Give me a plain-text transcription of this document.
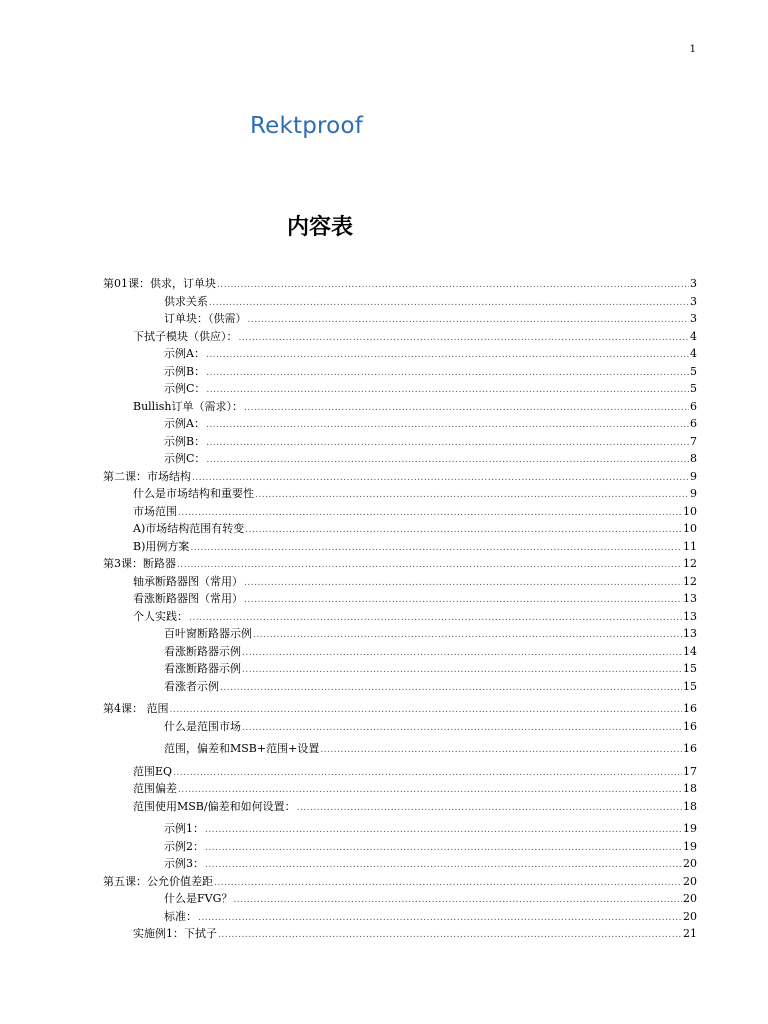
1
Rektproof
内容表
第01课：供求，订单块 .....	3
供求关系 .....	3
订单块：（供需） .....	3
下拭子模块（供应）： .....	4
示例A： .....	4
示例B： .....	5
示例C： .....	5
Bullish订单（需求）： .....	6
示例A： .....	6
示例B： .....	7
示例C： .....	8
第二课：市场结构 .....	9
什么是市场结构和重要性 .....	9
市场范围 .....	10
A)市场结构范围有转变 .....	10
B)用例方案 .....	11
第3课：断路器 .....	12
轴承断路器图（常用） .....	12
看涨断路器图（常用） .....	13
个人实践： .....	13
百叶窗断路器示例 .....	13
看涨断路器示例 .....	14
看涨断路器示例 .....	15
看涨者示例 .....	15
第4课： 范围 .....	16
什么是范围市场 .....	16
范围，偏差和MSB+范围+设置 .....	16
范围EQ .....	17
范围偏差 .....	18
范围使用MSB/偏差和如何设置： .....	18
示例1： .....	19
示例2： .....	19
示例3： .....	20
第五课：公允价值差距 .....	20
什么是FVG？ .....	20
标准： .....	20
实施例1：下拭子 .....	21
